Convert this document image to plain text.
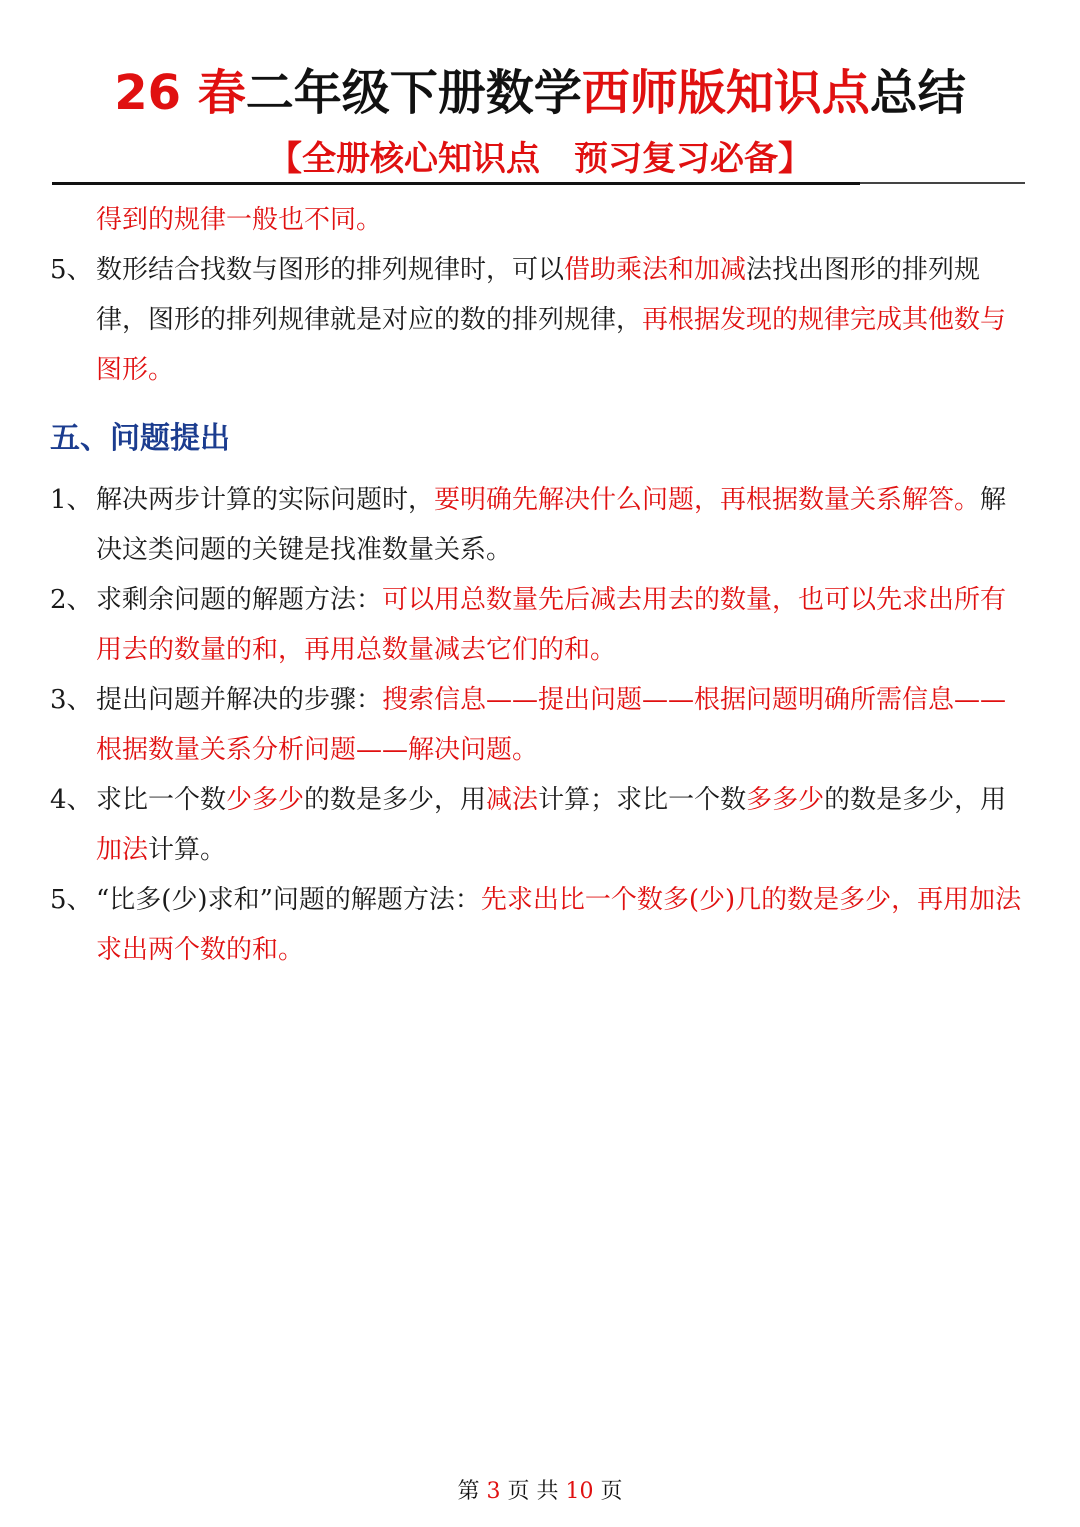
26 春二年级下册数学西师版知识点总结
【全册核心知识点　预习复习必备】

得到的规律一般也不同。

5、 数形结合找数与图形的排列规律时，可以借助乘法和加减法找出图形的排列规律，图形的排列规律就是对应的数的排列规律，再根据发现的规律完成其他数与图形。

五、问题提出

1、 解决两步计算的实际问题时，要明确先解决什么问题，再根据数量关系解答。解决这类问题的关键是找准数量关系。

2、 求剩余问题的解题方法：可以用总数量先后减去用去的数量，也可以先求出所有用去的数量的和，再用总数量减去它们的和。

3、 提出问题并解决的步骤：搜索信息——提出问题——根据问题明确所需信息——根据数量关系分析问题——解决问题。

4、 求比一个数少多少的数是多少，用减法计算；求比一个数多多少的数是多少，用加法计算。

5、 “比多(少)求和”问题的解题方法：先求出比一个数多(少)几的数是多少，再用加法求出两个数的和。

第 3 页 共 10 页
